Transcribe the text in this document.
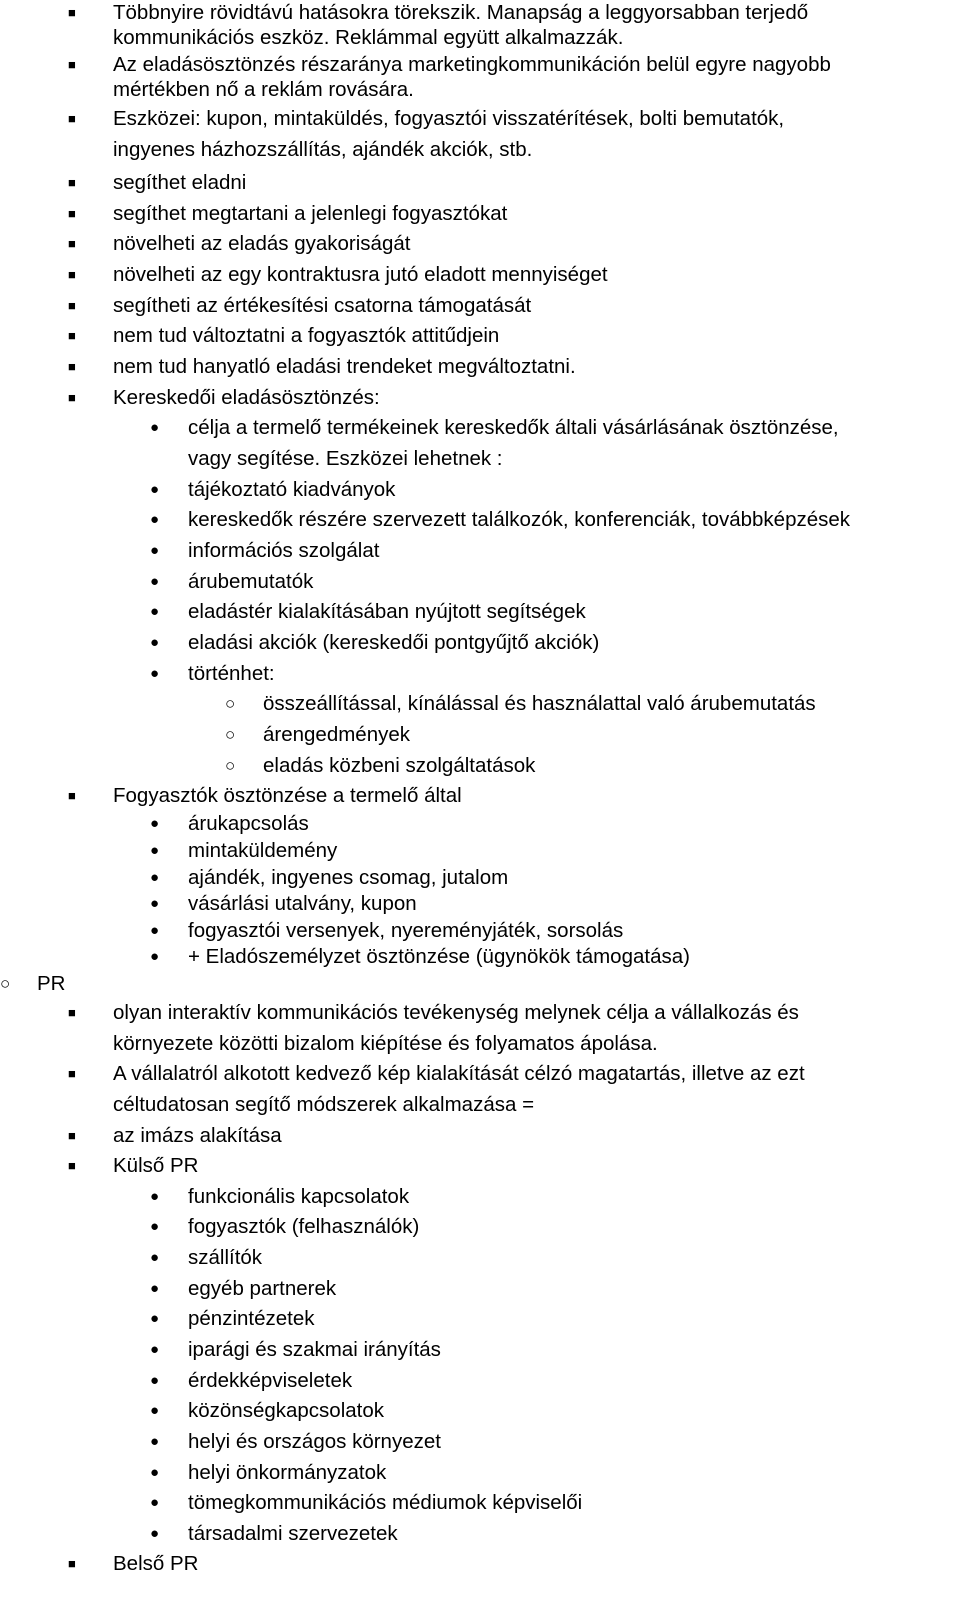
■ Többnyire rövidtávú hatásokra törekszik. Manapság a leggyorsabban terjedő
kommunikációs eszköz. Reklámmal együtt alkalmazzák.
■ Az eladásösztönzés részaránya marketingkommunikáción belül egyre nagyobb
mértékben nő a reklám rovására.
■ Eszközei: kupon, mintaküldés, fogyasztói visszatérítések, bolti bemutatók,
ingyenes házhozszállítás, ajándék akciók, stb.
■ segíthet eladni
■ segíthet megtartani a jelenlegi fogyasztókat
■ növelheti az eladás gyakoriságát
■ növelheti az egy kontraktusra jutó eladott mennyiséget
■ segítheti az értékesítési csatorna támogatását
■ nem tud változtatni a fogyasztók attitűdjein
■ nem tud hanyatló eladási trendeket megváltoztatni.
■ Kereskedői eladásösztönzés:
● célja a termelő termékeinek kereskedők általi vásárlásának ösztönzése,
vagy segítése. Eszközei lehetnek :
● tájékoztató kiadványok
● kereskedők részére szervezett találkozók, konferenciák, továbbképzések
● információs szolgálat
● árubemutatók
● eladástér kialakításában nyújtott segítségek
● eladási akciók (kereskedői pontgyűjtő akciók)
● történhet:
○ összeállítással, kínálással és használattal való árubemutatás
○ árengedmények
○ eladás közbeni szolgáltatások
■ Fogyasztók ösztönzése a termelő által
● árukapcsolás
● mintaküldemény
● ajándék, ingyenes csomag, jutalom
● vásárlási utalvány, kupon
● fogyasztói versenyek, nyereményjáték, sorsolás
● + Eladószemélyzet ösztönzése (ügynökök támogatása)
○ PR
■ olyan interaktív kommunikációs tevékenység melynek célja a vállalkozás és
környezete közötti bizalom kiépítése és folyamatos ápolása.
■ A vállalatról alkotott kedvező kép kialakítását célzó magatartás, illetve az ezt
céltudatosan segítő módszerek alkalmazása =
■ az imázs alakítása
■ Külső PR
● funkcionális kapcsolatok
● fogyasztók (felhasználók)
● szállítók
● egyéb partnerek
● pénzintézetek
● iparági és szakmai irányítás
● érdekképviseletek
● közönségkapcsolatok
● helyi és országos környezet
● helyi önkormányzatok
● tömegkommunikációs médiumok képviselői
● társadalmi szervezetek
■ Belső PR
